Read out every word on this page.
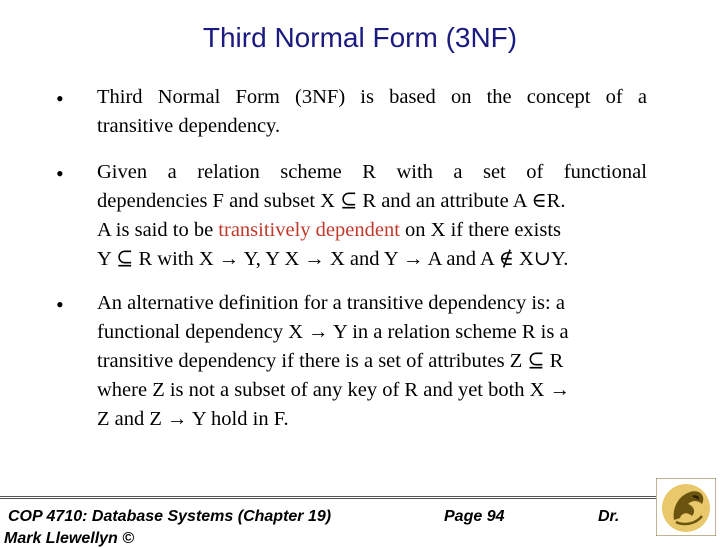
Third Normal Form (3NF)
• Third Normal Form (3NF) is based on the concept of a
transitive dependency.
• Given a relation scheme R with a set of functional
dependencies F and subset X ⊆ R and an attribute A ∈R.
A is said to be transitively dependent on X if there exists
Y ⊆ R with X → Y, Y X → X and Y → A and A ∉ X∪Y.
• An alternative definition for a transitive dependency is: a
functional dependency X → Y in a relation scheme R is a
transitive dependency if there is a set of attributes Z ⊆ R
where Z is not a subset of any key of R and yet both X →
Z and Z → Y hold in F.
COP 4710: Database Systems (Chapter 19)	Page 94	Dr.
Mark Llewellyn ©
